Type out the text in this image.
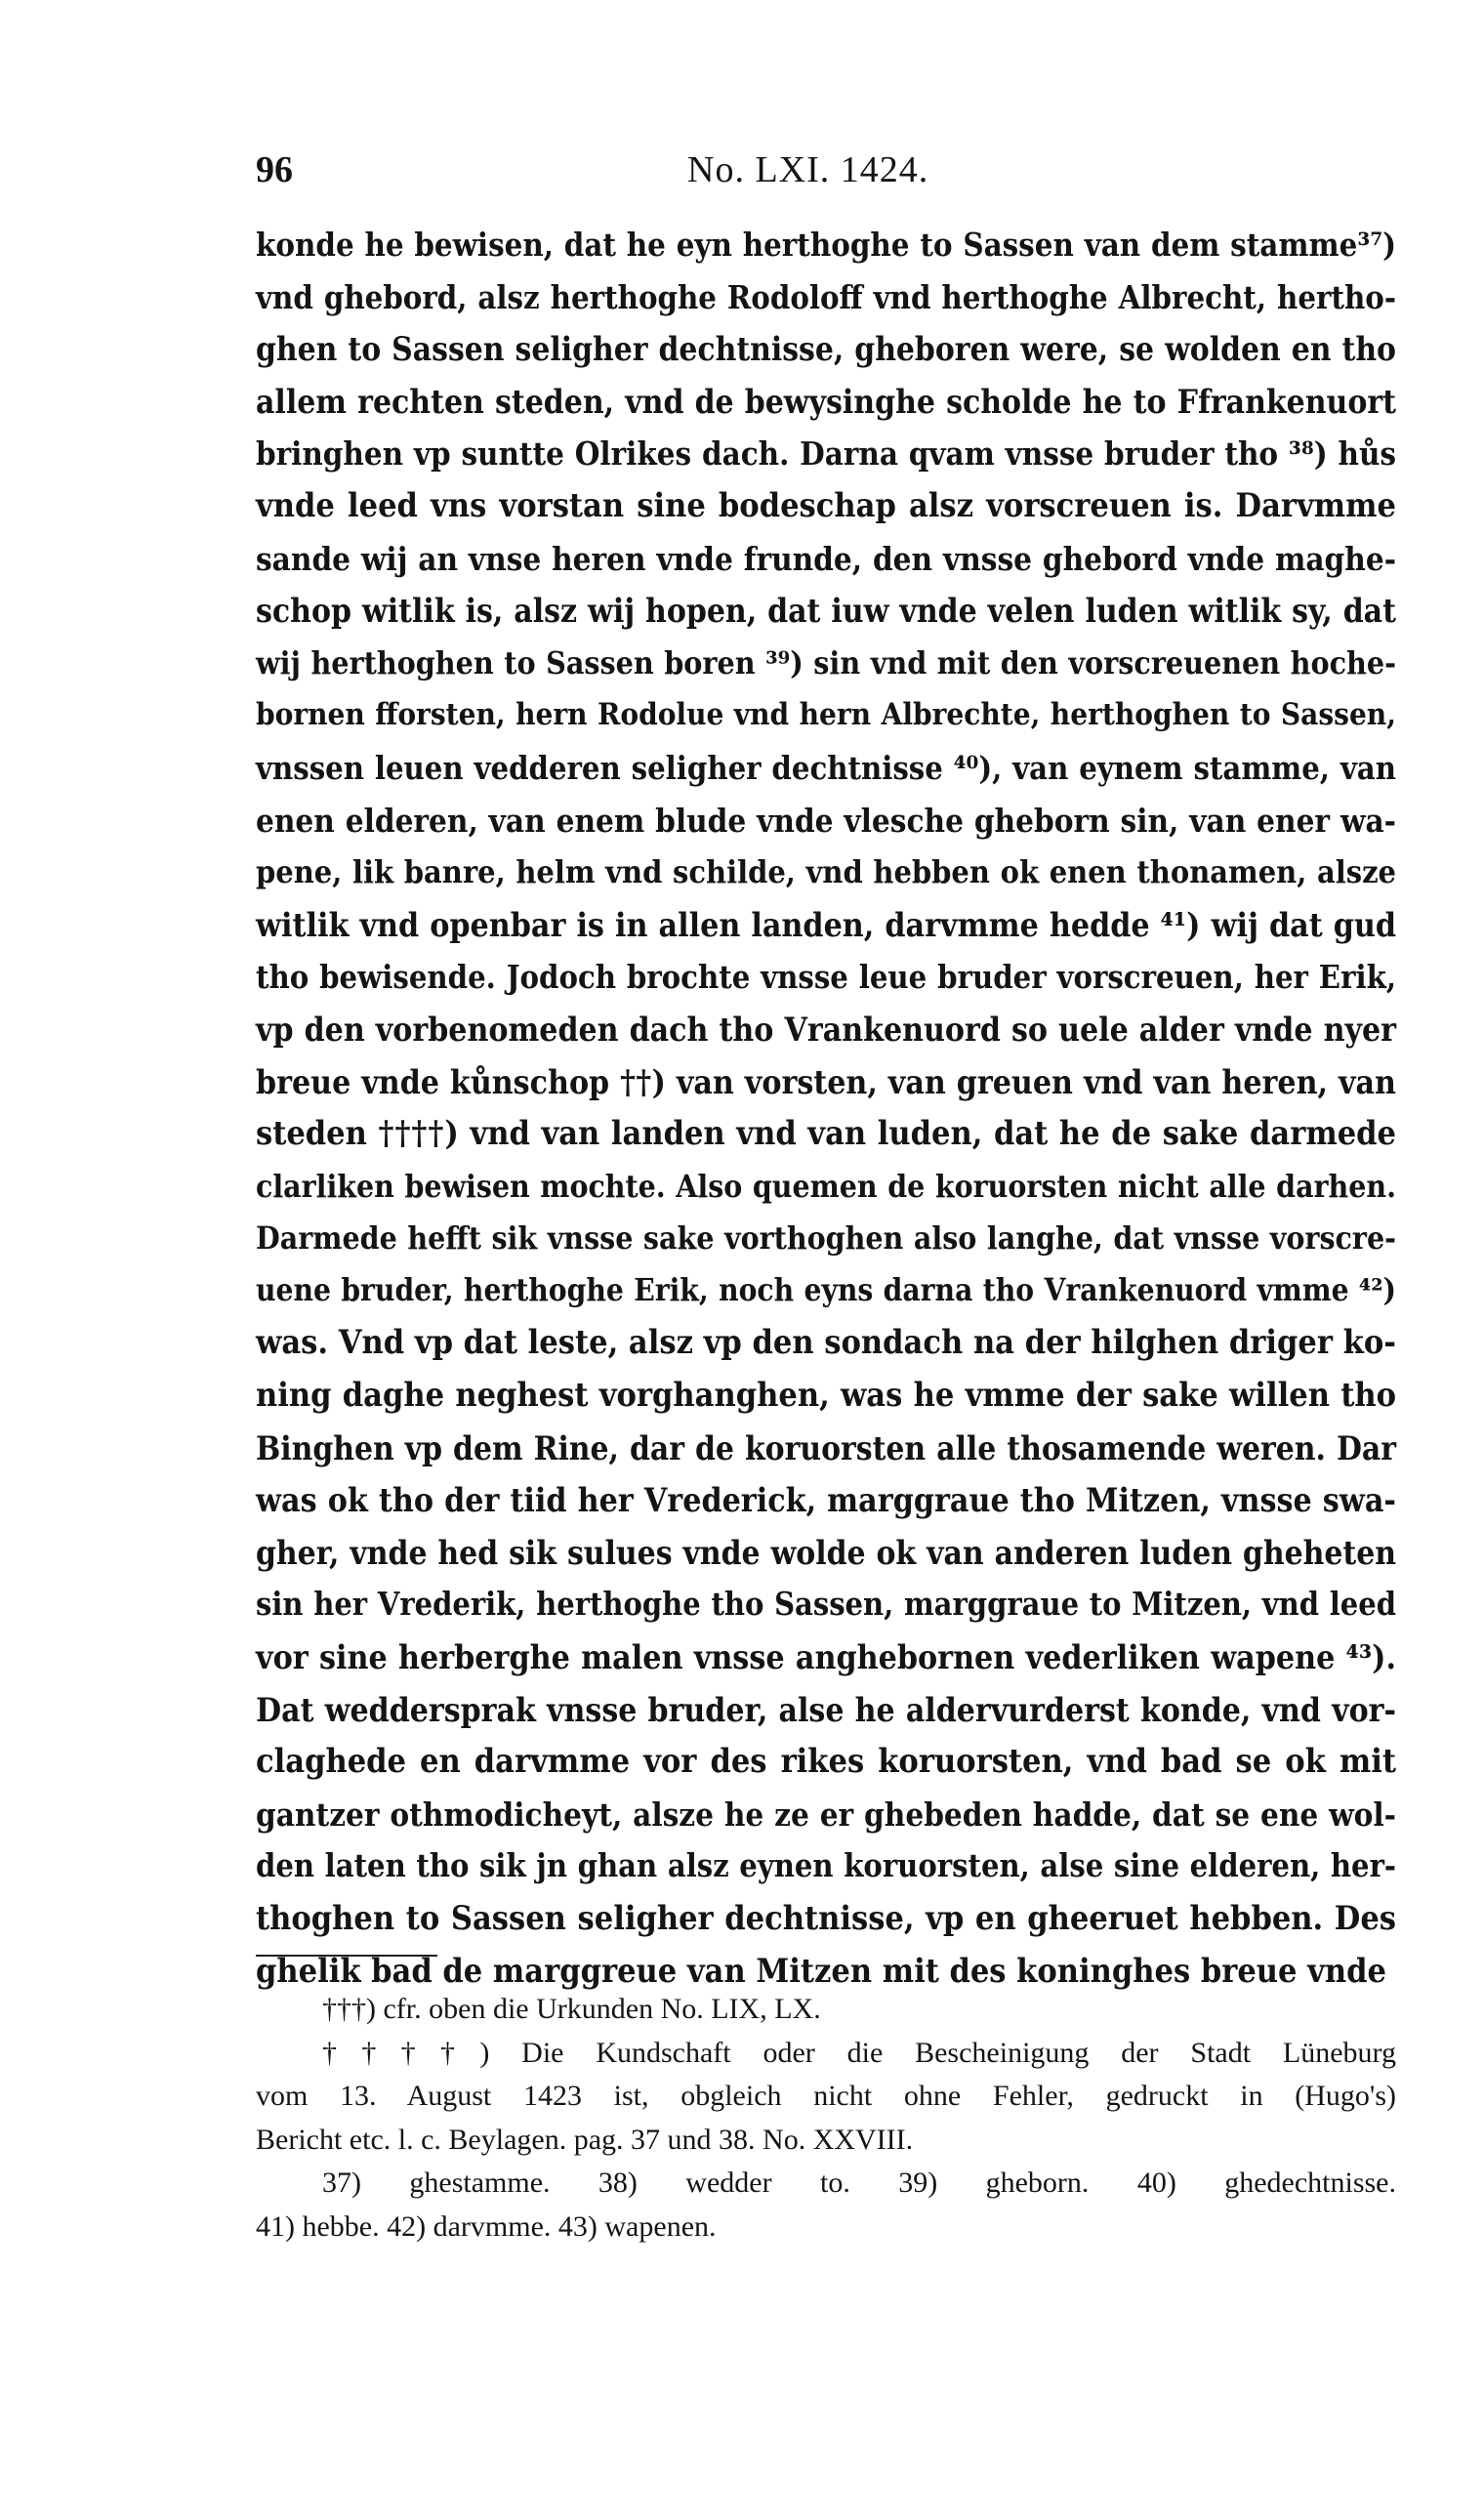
96	No. LXI. 1424.
konde he bewisen, dat he eyn herthoghe to Sassen van dem stamme³⁷)
vnd ghebord, alsz herthoghe Rodoloff vnd herthoghe Albrecht, hertho-
ghen to Sassen seligher dechtnisse, gheboren were, se wolden en tho
allem rechten steden, vnd de bewysinghe scholde he to Ffrankenuort
bringhen vp suntte Olrikes dach. Darna qvam vnsse bruder tho ³⁸) hůs
vnde leed vns vorstan sine bodeschap alsz vorscreuen is. Darvmme
sande wij an vnse heren vnde frunde, den vnsse ghebord vnde maghe-
schop witlik is, alsz wij hopen, dat iuw vnde velen luden witlik sy, dat
wij herthoghen to Sassen boren ³⁹) sin vnd mit den vorscreuenen hoche-
bornen fforsten, hern Rodolue vnd hern Albrechte, herthoghen to Sassen,
vnssen leuen vedderen seligher dechtnisse ⁴⁰), van eynem stamme, van
enen elderen, van enem blude vnde vlesche gheborn sin, van ener wa-
pene, lik banre, helm vnd schilde, vnd hebben ok enen thonamen, alsze
witlik vnd openbar is in allen landen, darvmme hedde ⁴¹) wij dat gud
tho bewisende. Jodoch brochte vnsse leue bruder vorscreuen, her Erik,
vp den vorbenomeden dach tho Vrankenuord so uele alder vnde nyer
breue vnde kůnschop ††) van vorsten, van greuen vnd van heren, van
steden ††††) vnd van landen vnd van luden, dat he de sake darmede
clarliken bewisen mochte. Also quemen de koruorsten nicht alle darhen.
Darmede hefft sik vnsse sake vorthoghen also langhe, dat vnsse vorscre-
uene bruder, herthoghe Erik, noch eyns darna tho Vrankenuord vmme ⁴²)
was. Vnd vp dat leste, alsz vp den sondach na der hilghen driger ko-
ning daghe neghest vorghanghen, was he vmme der sake willen tho
Binghen vp dem Rine, dar de koruorsten alle thosamende weren. Dar
was ok tho der tiid her Vrederick, marggraue tho Mitzen, vnsse swa-
gher, vnde hed sik sulues vnde wolde ok van anderen luden gheheten
sin her Vrederik, herthoghe tho Sassen, marggraue to Mitzen, vnd leed
vor sine herberghe malen vnsse anghebornen vederliken wapene ⁴³).
Dat weddersprak vnsse bruder, alse he aldervurderst konde, vnd vor-
claghede en darvmme vor des rikes koruorsten, vnd bad se ok mit
gantzer othmodicheyt, alsze he ze er ghebeden hadde, dat se ene wol-
den laten tho sik jn ghan alsz eynen koruorsten, alse sine elderen, her-
thoghen to Sassen seligher dechtnisse, vp en gheeruet hebben. Des
ghelik bad de marggreue van Mitzen mit des koninghes breue vnde
†††) cfr. oben die Urkunden No. LIX, LX.
††††) Die Kundschaft oder die Bescheinigung der Stadt Lüneburg
vom 13. August 1423 ist, obgleich nicht ohne Fehler, gedruckt in (Hugo's)
Bericht etc. l. c. Beylagen. pag. 37 und 38. No. XXVIII.
37) ghestamme. 38) wedder to. 39) gheborn. 40) ghedechtnisse.
41) hebbe. 42) darvmme. 43) wapenen.
